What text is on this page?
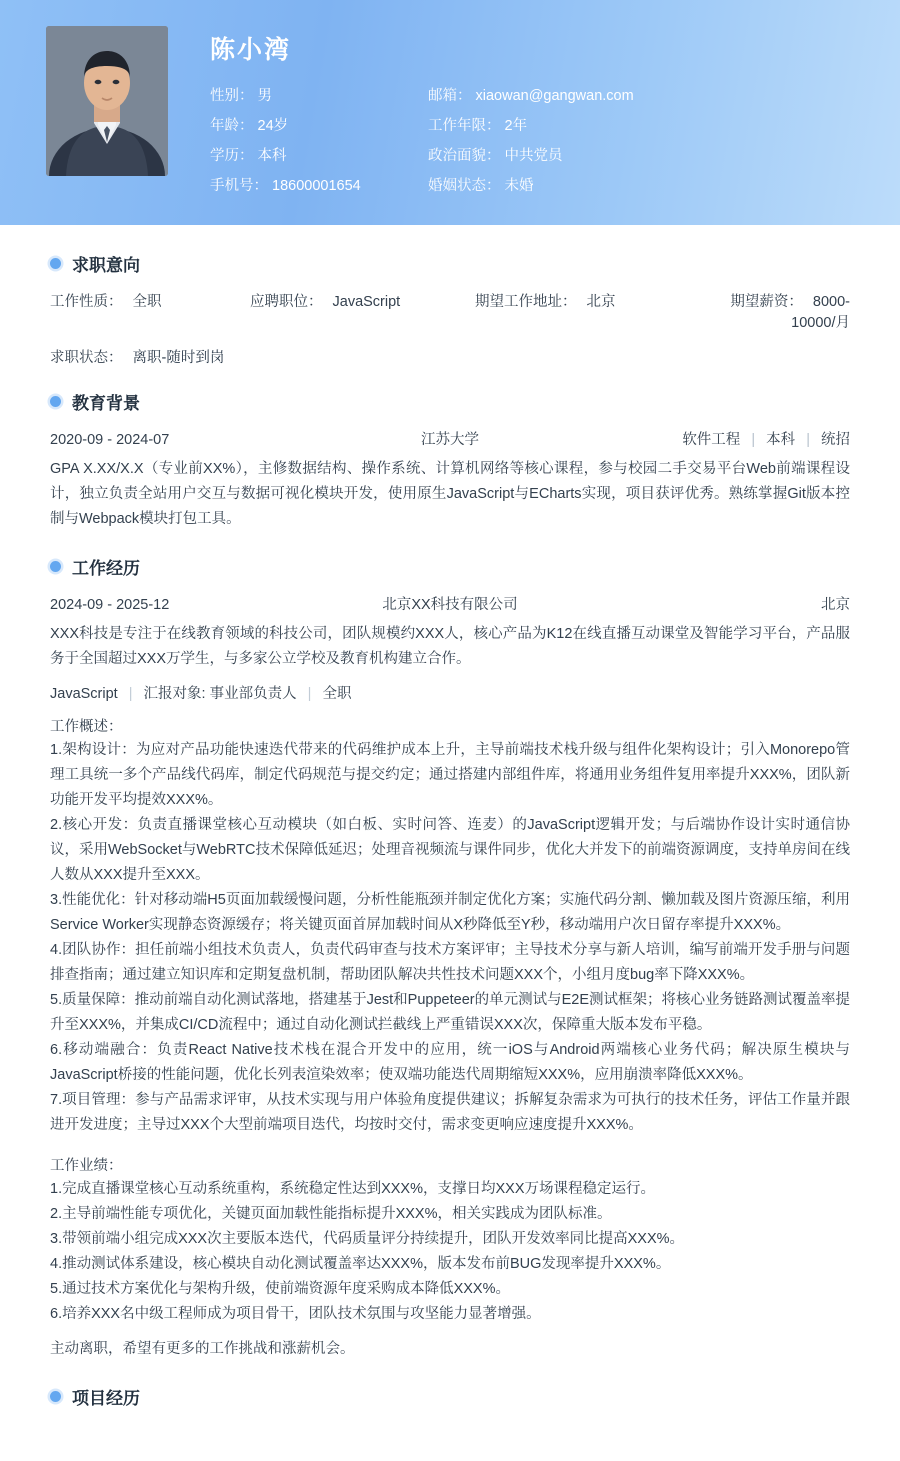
陈小湾
性别： 男	邮箱： xiaowan@gangwan.com
年龄： 24岁	工作年限： 2年
学历： 本科	政治面貌： 中共党员
手机号： 18600001654	婚姻状态： 未婚
求职意向
工作性质： 全职	应聘职位： JavaScript	期望工作地址： 北京	期望薪资： 8000-10000/月
求职状态： 离职-随时到岗
教育背景
2020-09 - 2024-07	江苏大学	软件工程 | 本科 | 统招
GPA X.XX/X.X（专业前XX%），主修数据结构、操作系统、计算机网络等核心课程，参与校园二手交易平台Web前端课程设计，独立负责全站用户交互与数据可视化模块开发，使用原生JavaScript与ECharts实现，项目获评优秀。熟练掌握Git版本控制与Webpack模块打包工具。
工作经历
2024-09 - 2025-12	北京XX科技有限公司	北京
XXX科技是专注于在线教育领域的科技公司，团队规模约XXX人，核心产品为K12在线直播互动课堂及智能学习平台，产品服务于全国超过XXX万学生，与多家公立学校及教育机构建立合作。
JavaScript | 汇报对象: 事业部负责人 | 全职
工作概述：
1.架构设计：为应对产品功能快速迭代带来的代码维护成本上升，主导前端技术栈升级与组件化架构设计；引入Monorepo管理工具统一多个产品线代码库，制定代码规范与提交约定；通过搭建内部组件库，将通用业务组件复用率提升XXX%，团队新功能开发平均提效XXX%。
2.核心开发：负责直播课堂核心互动模块（如白板、实时问答、连麦）的JavaScript逻辑开发；与后端协作设计实时通信协议，采用WebSocket与WebRTC技术保障低延迟；处理音视频流与课件同步，优化大并发下的前端资源调度，支持单房间在线人数从XXX提升至XXX。
3.性能优化：针对移动端H5页面加载缓慢问题，分析性能瓶颈并制定优化方案；实施代码分割、懒加载及图片资源压缩，利用Service Worker实现静态资源缓存；将关键页面首屏加载时间从X秒降低至Y秒，移动端用户次日留存率提升XXX%。
4.团队协作：担任前端小组技术负责人，负责代码审查与技术方案评审；主导技术分享与新人培训，编写前端开发手册与问题排查指南；通过建立知识库和定期复盘机制，帮助团队解决共性技术问题XXX个，小组月度bug率下降XXX%。
5.质量保障：推动前端自动化测试落地，搭建基于Jest和Puppeteer的单元测试与E2E测试框架；将核心业务链路测试覆盖率提升至XXX%，并集成CI/CD流程中；通过自动化测试拦截线上严重错误XXX次，保障重大版本发布平稳。
6.移动端融合：负责React Native技术栈在混合开发中的应用，统一iOS与Android两端核心业务代码；解决原生模块与JavaScript桥接的性能问题，优化长列表渲染效率；使双端功能迭代周期缩短XXX%，应用崩溃率降低XXX%。
7.项目管理：参与产品需求评审，从技术实现与用户体验角度提供建议；拆解复杂需求为可执行的技术任务，评估工作量并跟进开发进度；主导过XXX个大型前端项目迭代，均按时交付，需求变更响应速度提升XXX%。
工作业绩：
1.完成直播课堂核心互动系统重构，系统稳定性达到XXX%，支撑日均XXX万场课程稳定运行。
2.主导前端性能专项优化，关键页面加载性能指标提升XXX%，相关实践成为团队标准。
3.带领前端小组完成XXX次主要版本迭代，代码质量评分持续提升，团队开发效率同比提高XXX%。
4.推动测试体系建设，核心模块自动化测试覆盖率达XXX%，版本发布前BUG发现率提升XXX%。
5.通过技术方案优化与架构升级，使前端资源年度采购成本降低XXX%。
6.培养XXX名中级工程师成为项目骨干，团队技术氛围与攻坚能力显著增强。
主动离职，希望有更多的工作挑战和涨薪机会。
项目经历
